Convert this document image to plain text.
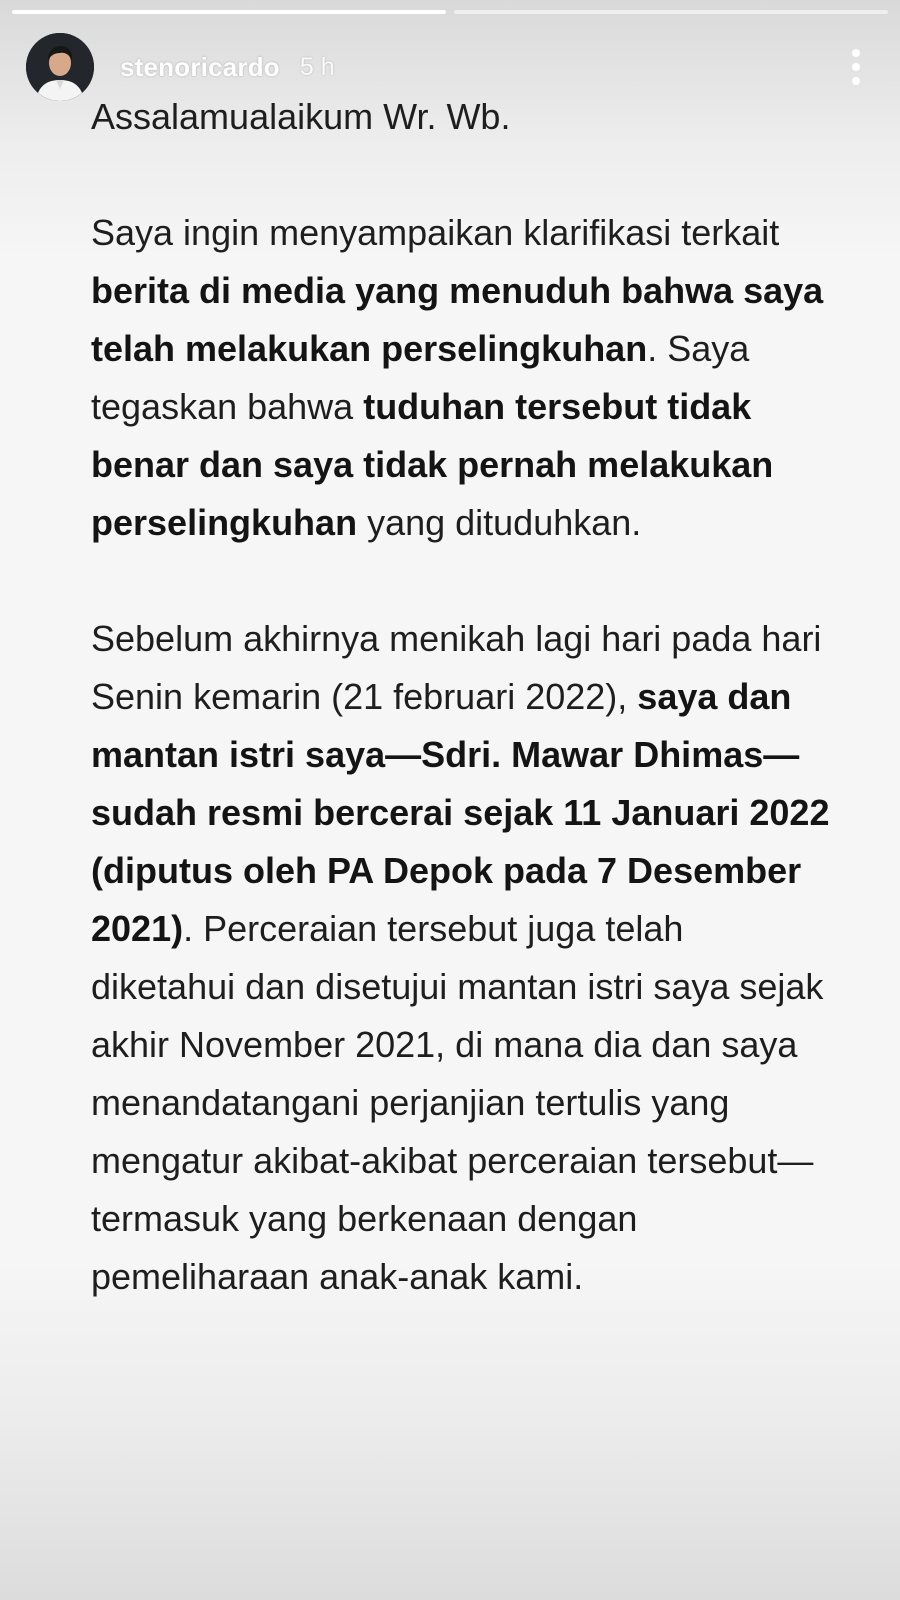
stenoricardo 5 h

Assalamualaikum Wr. Wb.

Saya ingin menyampaikan klarifikasi terkait berita di media yang menuduh bahwa saya telah melakukan perselingkuhan. Saya tegaskan bahwa tuduhan tersebut tidak benar dan saya tidak pernah melakukan perselingkuhan yang dituduhkan.

Sebelum akhirnya menikah lagi hari pada hari Senin kemarin (21 februari 2022), saya dan mantan istri saya—Sdri. Mawar Dhimas—sudah resmi bercerai sejak 11 Januari 2022 (diputus oleh PA Depok pada 7 Desember 2021). Perceraian tersebut juga telah diketahui dan disetujui mantan istri saya sejak akhir November 2021, di mana dia dan saya menandatangani perjanjian tertulis yang mengatur akibat-akibat perceraian tersebut—termasuk yang berkenaan dengan pemeliharaan anak-anak kami.
